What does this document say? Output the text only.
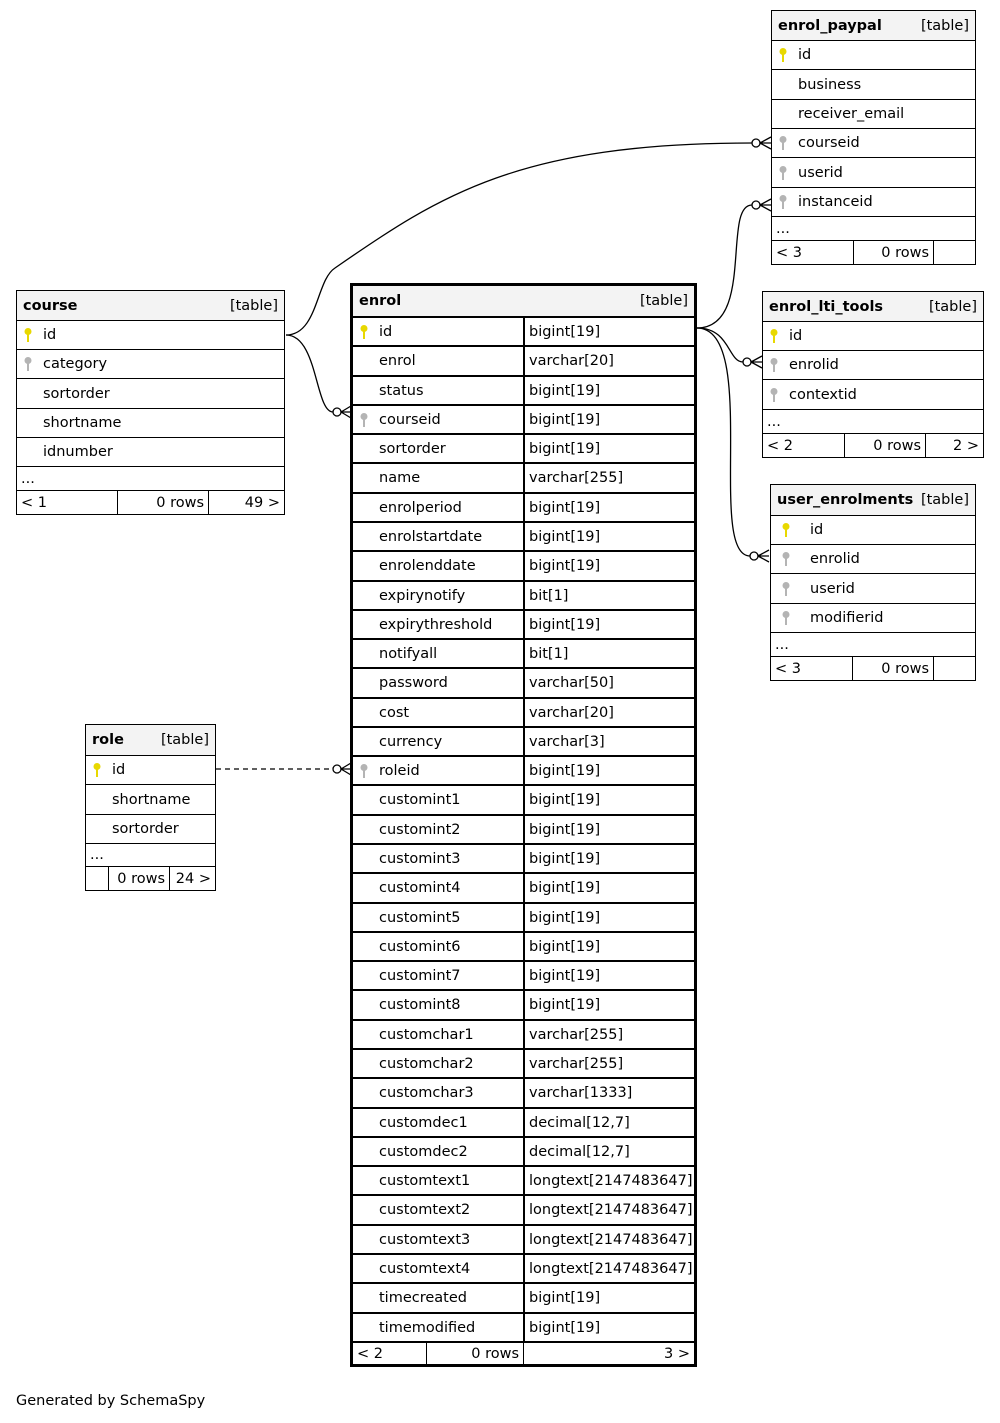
enrol_paypal	[table]
id
business
receiver_email
courseid
userid
instanceid
...
< 3	0 rows
course	[table]
id
category
sortorder
shortname
idnumber
...
< 1	0 rows	49 >
enrol_lti_tools	[table]
id
enrolid
contextid
...
< 2	0 rows	2 >
user_enrolments [table]
id
enrolid
userid
modifierid
...
< 3	0 rows
role	[table]
id
shortname
sortorder
...
0 rows 24 >
enrol	[table]
id	bigint[19]
enrol	varchar[20]
status	bigint[19]
courseid	bigint[19]
sortorder	bigint[19]
name	varchar[255]
enrolperiod	bigint[19]
enrolstartdate	bigint[19]
enrolenddate	bigint[19]
expirynotify	bit[1]
expirythreshold	bigint[19]
notifyall	bit[1]
password	varchar[50]
cost	varchar[20]
currency	varchar[3]
roleid	bigint[19]
customint1	bigint[19]
customint2	bigint[19]
customint3	bigint[19]
customint4	bigint[19]
customint5	bigint[19]
customint6	bigint[19]
customint7	bigint[19]
customint8	bigint[19]
customchar1	varchar[255]
customchar2	varchar[255]
customchar3	varchar[1333]
customdec1	decimal[12,7]
customdec2	decimal[12,7]
customtext1	longtext[2147483647]
customtext2	longtext[2147483647]
customtext3	longtext[2147483647]
customtext4	longtext[2147483647]
timecreated	bigint[19]
timemodified	bigint[19]
< 2	0 rows	3 >
Generated by SchemaSpy
